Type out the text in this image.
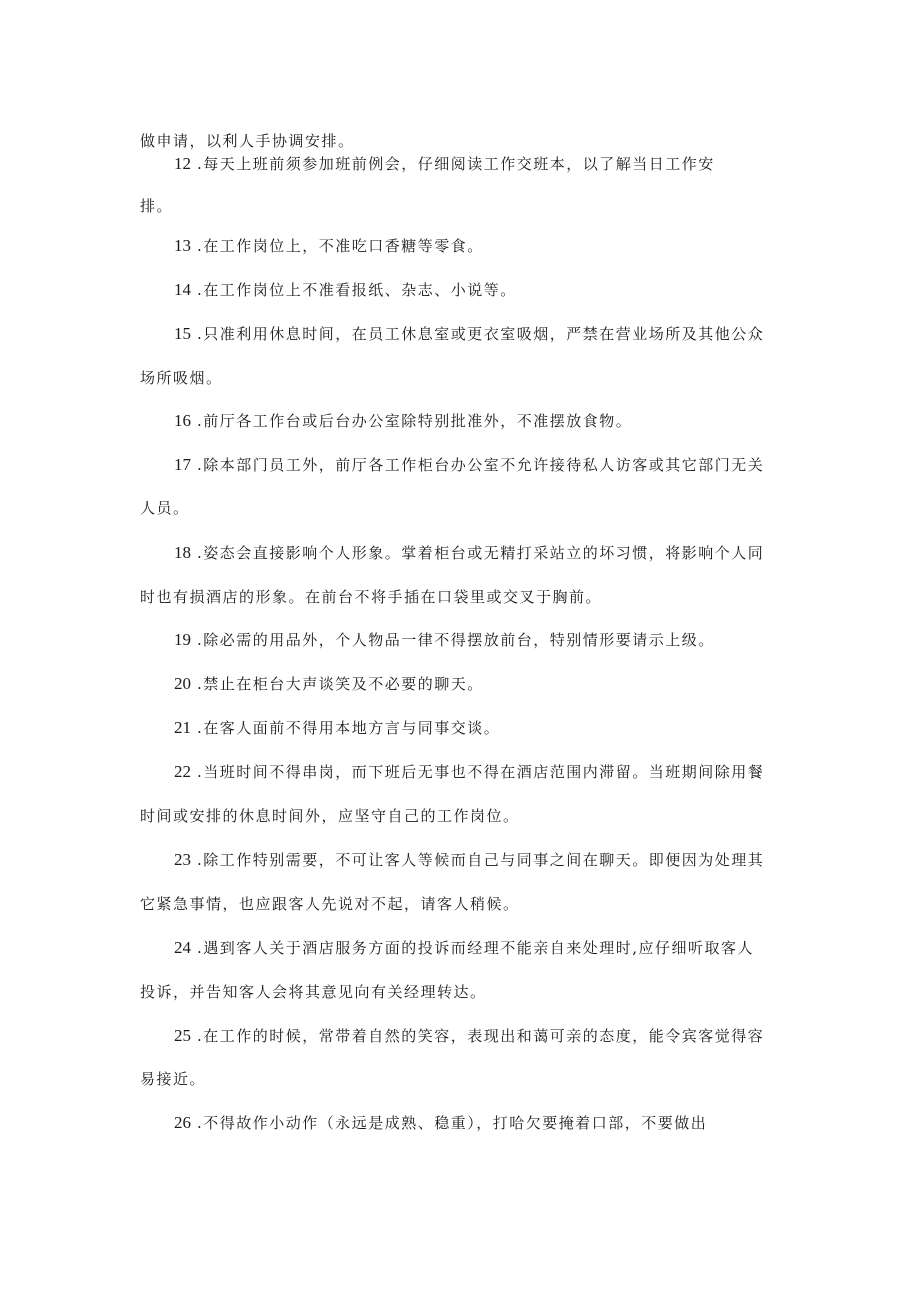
做申请，以利人手协调安排。
12 .每天上班前须参加班前例会，仔细阅读工作交班本，以了解当日工作安
排。
13 .在工作岗位上，不准吃口香糖等零食。
14 .在工作岗位上不准看报纸、杂志、小说等。
15 .只准利用休息时间，在员工休息室或更衣室吸烟，严禁在营业场所及其他公众
场所吸烟。
16 .前厅各工作台或后台办公室除特别批准外，不准摆放食物。
17 .除本部门员工外，前厅各工作柜台办公室不允许接待私人访客或其它部门无关
人员。
18 .姿态会直接影响个人形象。掌着柜台或无精打采站立的坏习惯，将影响个人同
时也有损酒店的形象。在前台不将手插在口袋里或交叉于胸前。
19 .除必需的用品外，个人物品一律不得摆放前台，特别情形要请示上级。
20 .禁止在柜台大声谈笑及不必要的聊天。
21 .在客人面前不得用本地方言与同事交谈。
22 .当班时间不得串岗，而下班后无事也不得在酒店范围内滞留。当班期间除用餐
时间或安排的休息时间外，应坚守自己的工作岗位。
23 .除工作特别需要，不可让客人等候而自己与同事之间在聊天。即便因为处理其
它紧急事情，也应跟客人先说对不起，请客人稍候。
24 .遇到客人关于酒店服务方面的投诉而经理不能亲自来处理时,应仔细听取客人
投诉，并告知客人会将其意见向有关经理转达。
25 .在工作的时候，常带着自然的笑容，表现出和蔼可亲的态度，能令宾客觉得容
易接近。
26 .不得故作小动作（永远是成熟、稳重），打哈欠要掩着口部，不要做出
